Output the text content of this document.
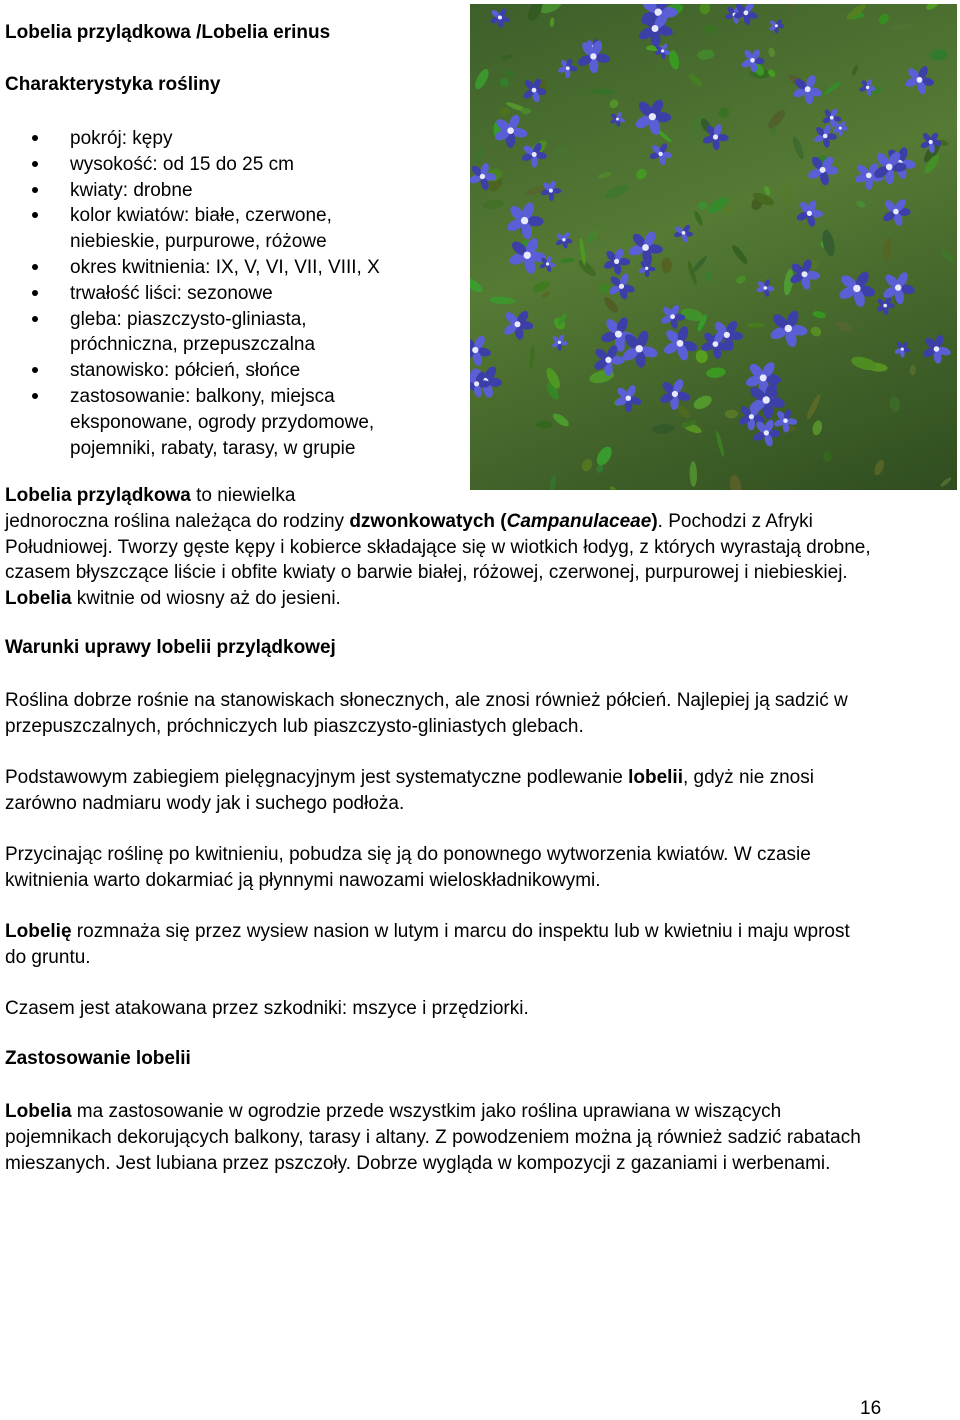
Lobelia przylądkowa /Lobelia erinus
Charakterystyka rośliny
pokrój: kępy
wysokość: od 15 do 25 cm
kwiaty: drobne
kolor kwiatów: białe, czerwone, niebieskie, purpurowe, różowe
okres kwitnienia: IX, V, VI, VII, VIII, X
trwałość liści: sezonowe
gleba: piaszczysto-gliniasta, próchniczna, przepuszczalna
stanowisko: półcień, słońce
zastosowanie: balkony, miejsca eksponowane, ogrody przydomowe, pojemniki, rabaty, tarasy, w grupie

Lobelia przylądkowa to niewielka
jednoroczna roślina należąca do rodziny dzwonkowatych (Campanulaceae). Pochodzi z Afryki Południowej. Tworzy gęste kępy i kobierce składające się w wiotkich łodyg, z których wyrastają drobne, czasem błyszczące liście i obfite kwiaty o barwie białej, różowej, czerwonej, purpurowej i niebieskiej. Lobelia kwitnie od wiosny aż do jesieni.

Warunki uprawy lobelii przylądkowej

Roślina dobrze rośnie na stanowiskach słonecznych, ale znosi również półcień. Najlepiej ją sadzić w przepuszczalnych, próchniczych lub piaszczysto-gliniastych glebach.

Podstawowym zabiegiem pielęgnacyjnym jest systematyczne podlewanie lobelii, gdyż nie znosi zarówno nadmiaru wody jak i suchego podłoża.

Przycinając roślinę po kwitnieniu, pobudza się ją do ponownego wytworzenia kwiatów. W czasie kwitnienia warto dokarmiać ją płynnymi nawozami wieloskładnikowymi.

Lobelię rozmnaża się przez wysiew nasion w lutym i marcu do inspektu lub w kwietniu i maju wprost do gruntu.

Czasem jest atakowana przez szkodniki: mszyce i przędziorki.

Zastosowanie lobelii

Lobelia ma zastosowanie w ogrodzie przede wszystkim jako roślina uprawiana w wiszących pojemnikach dekorujących balkony, tarasy i altany. Z powodzeniem można ją również sadzić rabatach mieszanych. Jest lubiana przez pszczoły. Dobrze wygląda w kompozycji z gazaniami i werbenami.

16
